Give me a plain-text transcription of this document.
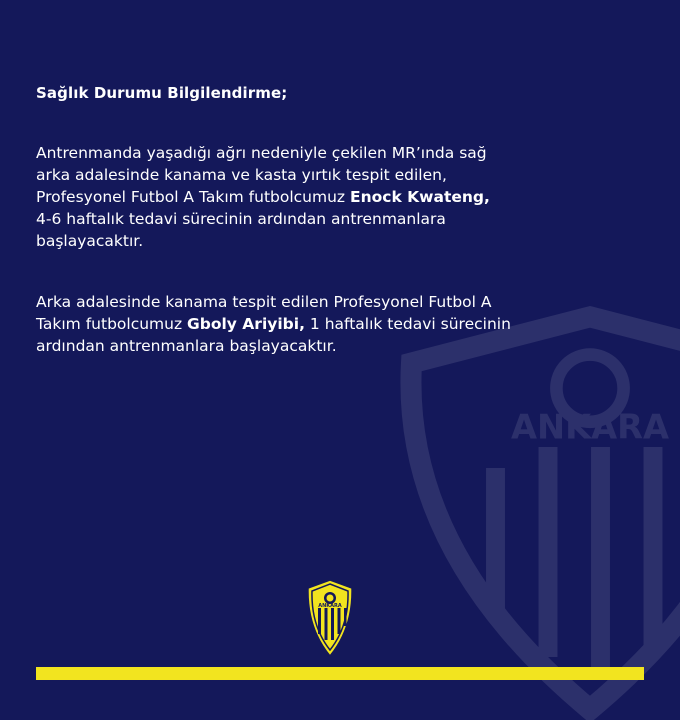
ANKARA
Sağlık Durumu Bilgilendirme;
Antrenmanda yaşadığı ağrı nedeniyle çekilen MR’ında sağ
arka adalesinde kanama ve kasta yırtık tespit edilen,
Profesyonel Futbol A Takım futbolcumuz Enock Kwateng,
4-6 haftalık tedavi sürecinin ardından antrenmanlara
başlayacaktır.
Arka adalesinde kanama tespit edilen Profesyonel Futbol A
Takım futbolcumuz Gboly Ariyibi, 1 haftalık tedavi sürecinin
ardından antrenmanlara başlayacaktır.
ANKARA
